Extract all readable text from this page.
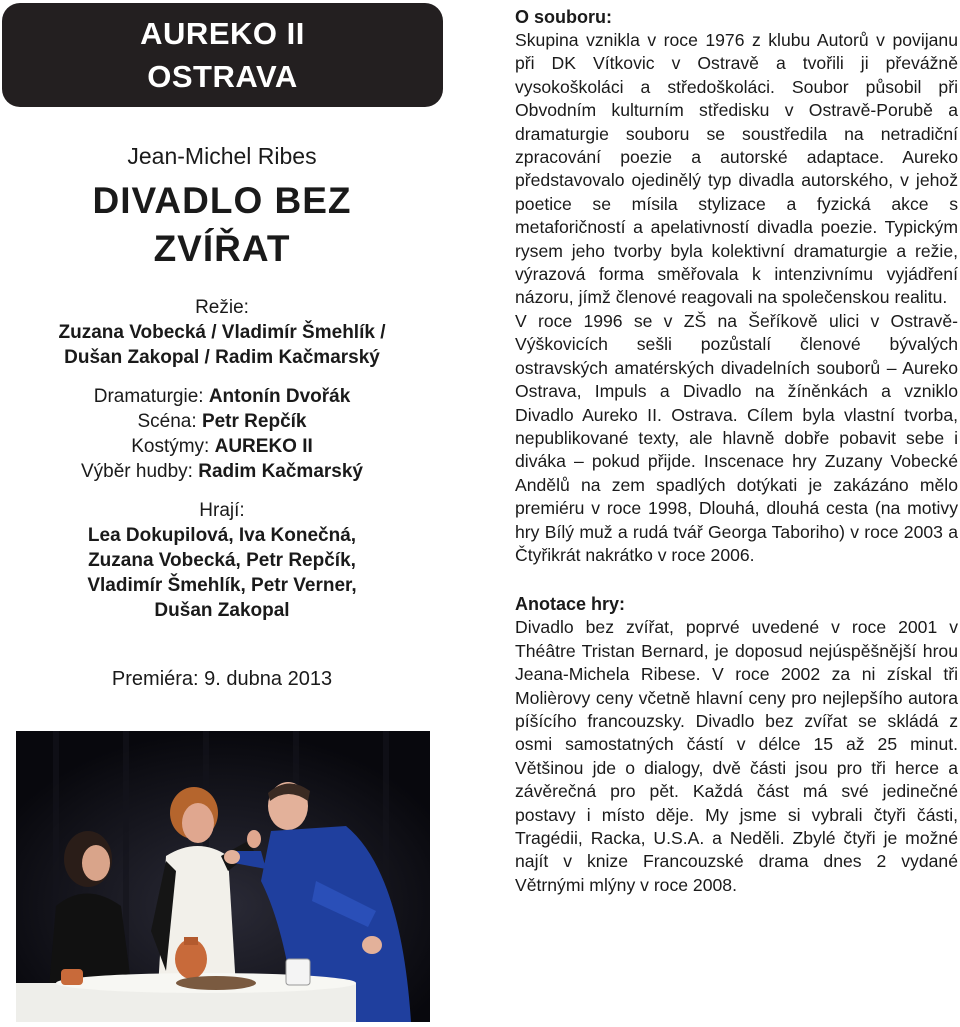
AUREKO II
OSTRAVA
Jean-Michel Ribes
DIVADLO BEZ
ZVÍŘAT
Režie:
Zuzana Vobecká / Vladimír Šmehlík /
Dušan Zakopal / Radim Kačmarský
Dramaturgie: Antonín Dvořák
Scéna: Petr Repčík
Kostýmy: AUREKO II
Výběr hudby: Radim Kačmarský
Hrají:
Lea Dokupilová, Iva Konečná,
Zuzana Vobecká, Petr Repčík,
Vladimír Šmehlík, Petr Verner,
Dušan Zakopal
Premiéra: 9. dubna 2013
O souboru:

Skupina vznikla v roce 1976 z klubu Autorů v povijanu při DK Vítkovic v Ostravě a tvořili ji převážně vysokoškoláci a středoškoláci. Soubor působil při Obvodním kulturním středisku v Ostravě-Porubě a dramaturgie souboru se soustředila na netradiční zpracování poezie a autorské adaptace. Aureko představovalo ojedinělý typ divadla autorského, v jehož poetice se mísila stylizace a fyzická akce s metaforičností a apelativností divadla poezie. Typickým rysem jeho tvorby byla kolektivní dramaturgie a režie, výrazová forma směřovala k intenzivnímu vyjádření názoru, jímž členové reagovali na společenskou realitu.

V roce 1996 se v ZŠ na Šeříkově ulici v Ostravě-Výškovicích sešli pozůstalí členové bývalých ostravských amatérských divadelních souborů – Aureko Ostrava, Impuls a Divadlo na žíněnkách a vzniklo Divadlo Aureko II. Ostrava. Cílem byla vlastní tvorba, nepublikované texty, ale hlavně dobře pobavit sebe i diváka – pokud přijde. Inscenace hry Zuzany Vobecké Andělů na zem spadlých dotýkati je zakázáno mělo premiéru v roce 1998, Dlouhá, dlouhá cesta (na motivy hry Bílý muž a rudá tvář Georga Taboriho) v roce 2003 a Čtyřikrát nakrátko v roce 2006.

Anotace hry:

Divadlo bez zvířat, poprvé uvedené v roce 2001 v Théâtre Tristan Bernard, je doposud nejúspěšnější hrou Jeana-Michela Ribese. V roce 2002 za ni získal tři Molièrovy ceny včetně hlavní ceny pro nejlepšího autora píšícího francouzsky. Divadlo bez zvířat se skládá z osmi samostatných částí v délce 15 až 25 minut. Většinou jde o dialogy, dvě části jsou pro tři herce a závěrečná pro pět. Každá část má své jedinečné postavy i místo děje. My jsme si vybrali čtyři části, Tragédii, Racka, U.S.A. a Neděli. Zbylé čtyři je možné najít v knize Francouzské drama dnes 2 vydané Větrnými mlýny v roce 2008.
